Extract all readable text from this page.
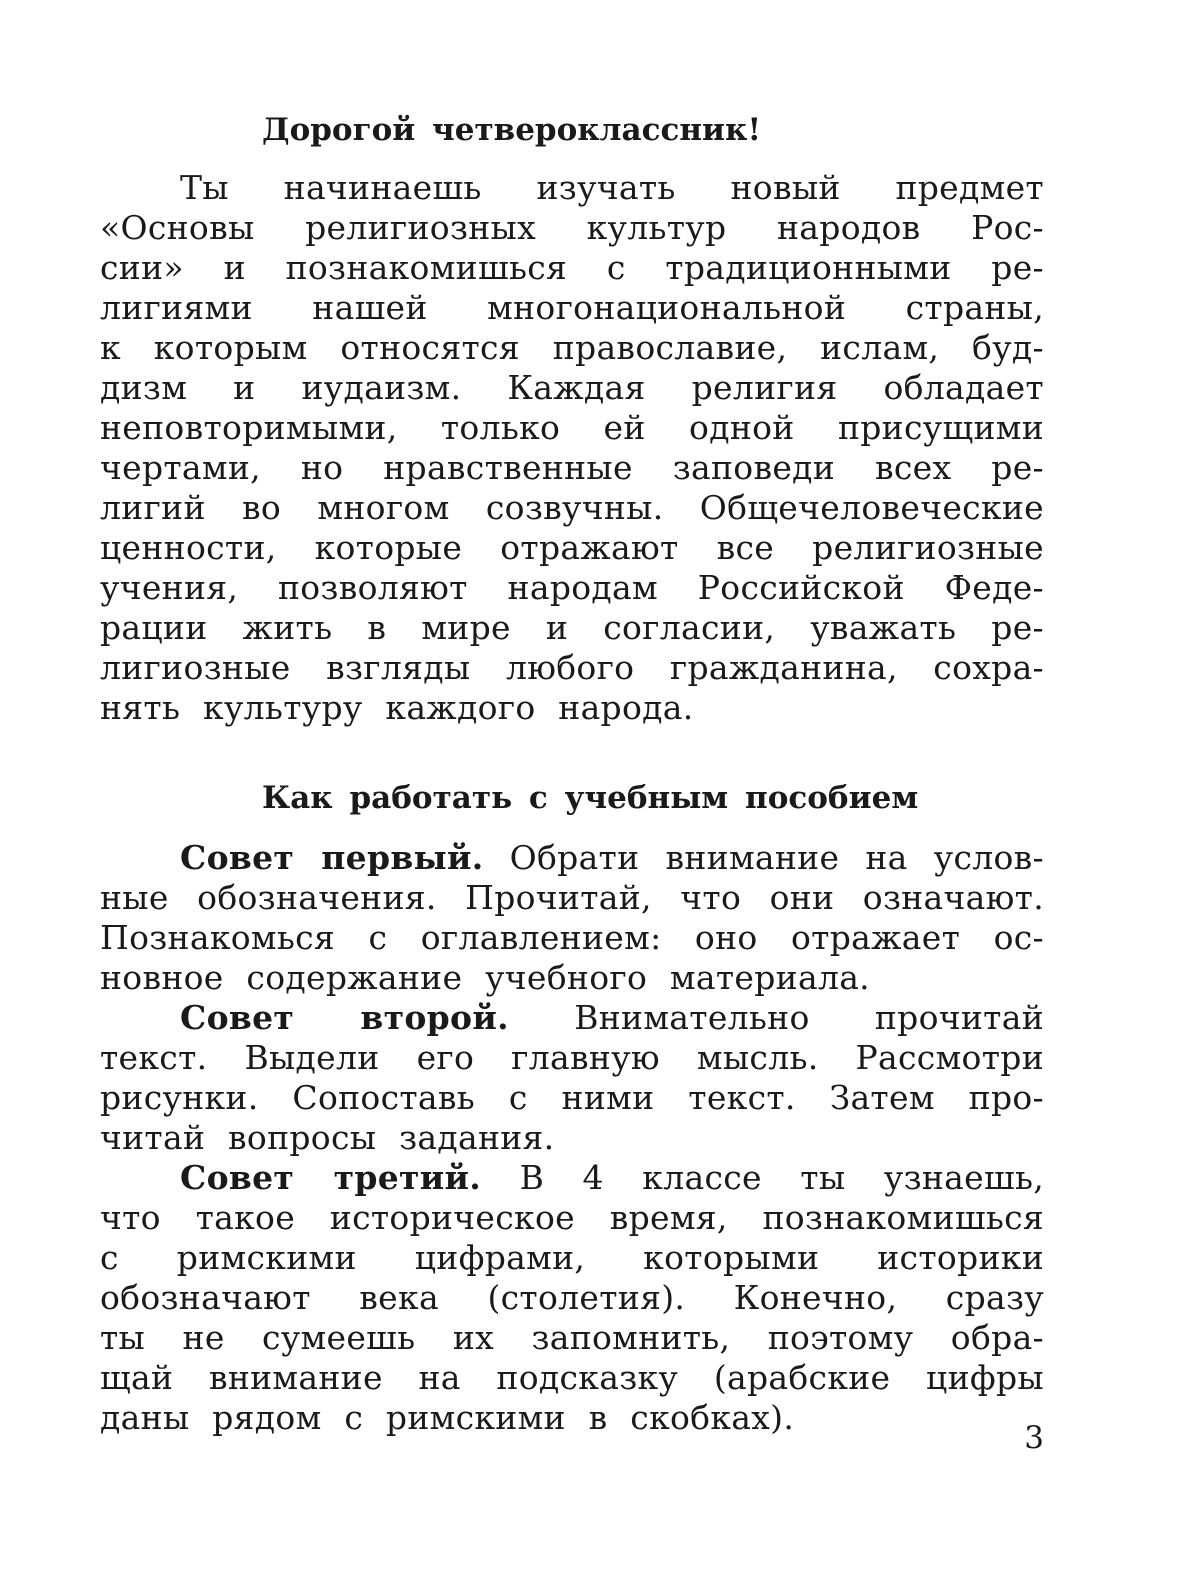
Дорогой четвероклассник!
Ты начинаешь изучать новый предмет
«Основы религиозных культур народов Рос-
сии» и познакомишься с традиционными ре-
лигиями нашей многонациональной страны,
к которым относятся православие, ислам, буд-
дизм и иудаизм. Каждая религия обладает
неповторимыми, только ей одной присущими
чертами, но нравственные заповеди всех ре-
лигий во многом созвучны. Общечеловеческие
ценности, которые отражают все религиозные
учения, позволяют народам Российской Феде-
рации жить в мире и согласии, уважать ре-
лигиозные взгляды любого гражданина, сохра-
нять культуру каждого народа.
Как работать с учебным пособием
Совет первый. Обрати внимание на услов-
ные обозначения. Прочитай, что они означают.
Познакомься с оглавлением: оно отражает ос-
новное содержание учебного материала.
Совет второй. Внимательно прочитай
текст. Выдели его главную мысль. Рассмотри
рисунки. Сопоставь с ними текст. Затем про-
читай вопросы задания.
Совет третий. В 4 классе ты узнаешь,
что такое историческое время, познакомишься
с римскими цифрами, которыми историки
обозначают века (столетия). Конечно, сразу
ты не сумеешь их запомнить, поэтому обра-
щай внимание на подсказку (арабские цифры
даны рядом с римскими в скобках).
3
